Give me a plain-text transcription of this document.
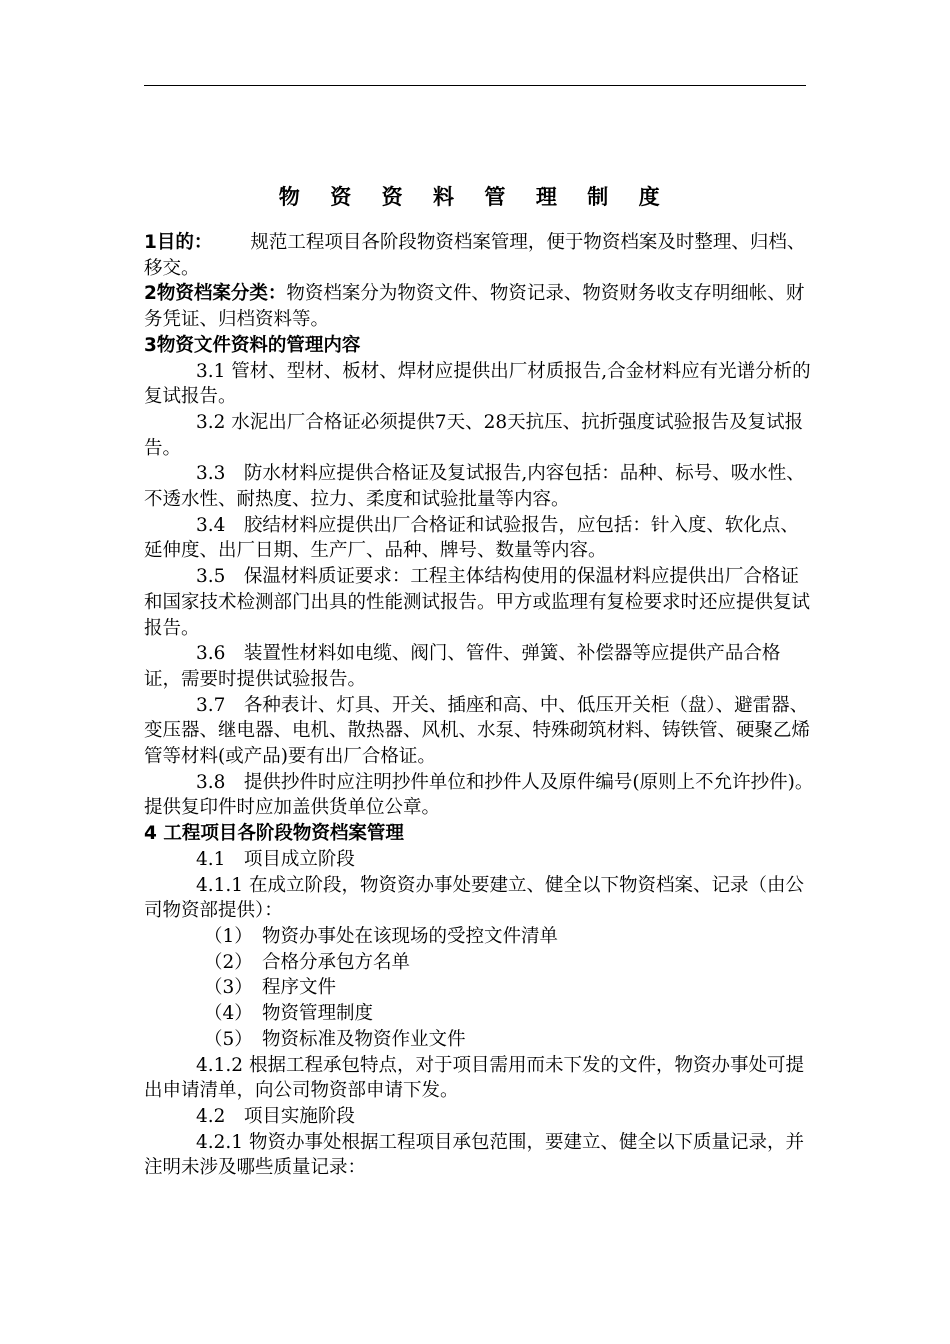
物 资 资 料 管 理 制 度

1目的： 规范工程项目各阶段物资档案管理，便于物资档案及时整理、归档、移交。

2物资档案分类：物资档案分为物资文件、物资记录、物资财务收支存明细帐、财务凭证、归档资料等。

3物资文件资料的管理内容

3.1 管材、型材、板材、焊材应提供出厂材质报告,合金材料应有光谱分析的复试报告。

3.2 水泥出厂合格证必须提供7天、28天抗压、抗折强度试验报告及复试报告。

3.3　防水材料应提供合格证及复试报告,内容包括：品种、标号、吸水性、不透水性、耐热度、拉力、柔度和试验批量等内容。

3.4　胶结材料应提供出厂合格证和试验报告，应包括：针入度、软化点、延伸度、出厂日期、生产厂、品种、牌号、数量等内容。

3.5　保温材料质证要求：工程主体结构使用的保温材料应提供出厂合格证和国家技术检测部门出具的性能测试报告。甲方或监理有复检要求时还应提供复试报告。

3.6　装置性材料如电缆、阀门、管件、弹簧、补偿器等应提供产品合格证，需要时提供试验报告。

3.7　各种表计、灯具、开关、插座和高、中、低压开关柜（盘）、避雷器、变压器、继电器、电机、散热器、风机、水泵、特殊砌筑材料、铸铁管、硬聚乙烯管等材料(或产品)要有出厂合格证。

3.8　提供抄件时应注明抄件单位和抄件人及原件编号(原则上不允许抄件)。提供复印件时应加盖供货单位公章。

4 工程项目各阶段物资档案管理

4.1　项目成立阶段

4.1.1 在成立阶段，物资资办事处要建立、健全以下物资档案、记录（由公司物资部提供）：

（1）　物资办事处在该现场的受控文件清单

（2）　合格分承包方名单

（3）　程序文件

（4）　物资管理制度

（5）　物资标准及物资作业文件

4.1.2 根据工程承包特点，对于项目需用而未下发的文件，物资办事处可提出申请清单，向公司物资部申请下发。

4.2　项目实施阶段

4.2.1 物资办事处根据工程项目承包范围，要建立、健全以下质量记录，并注明未涉及哪些质量记录：
